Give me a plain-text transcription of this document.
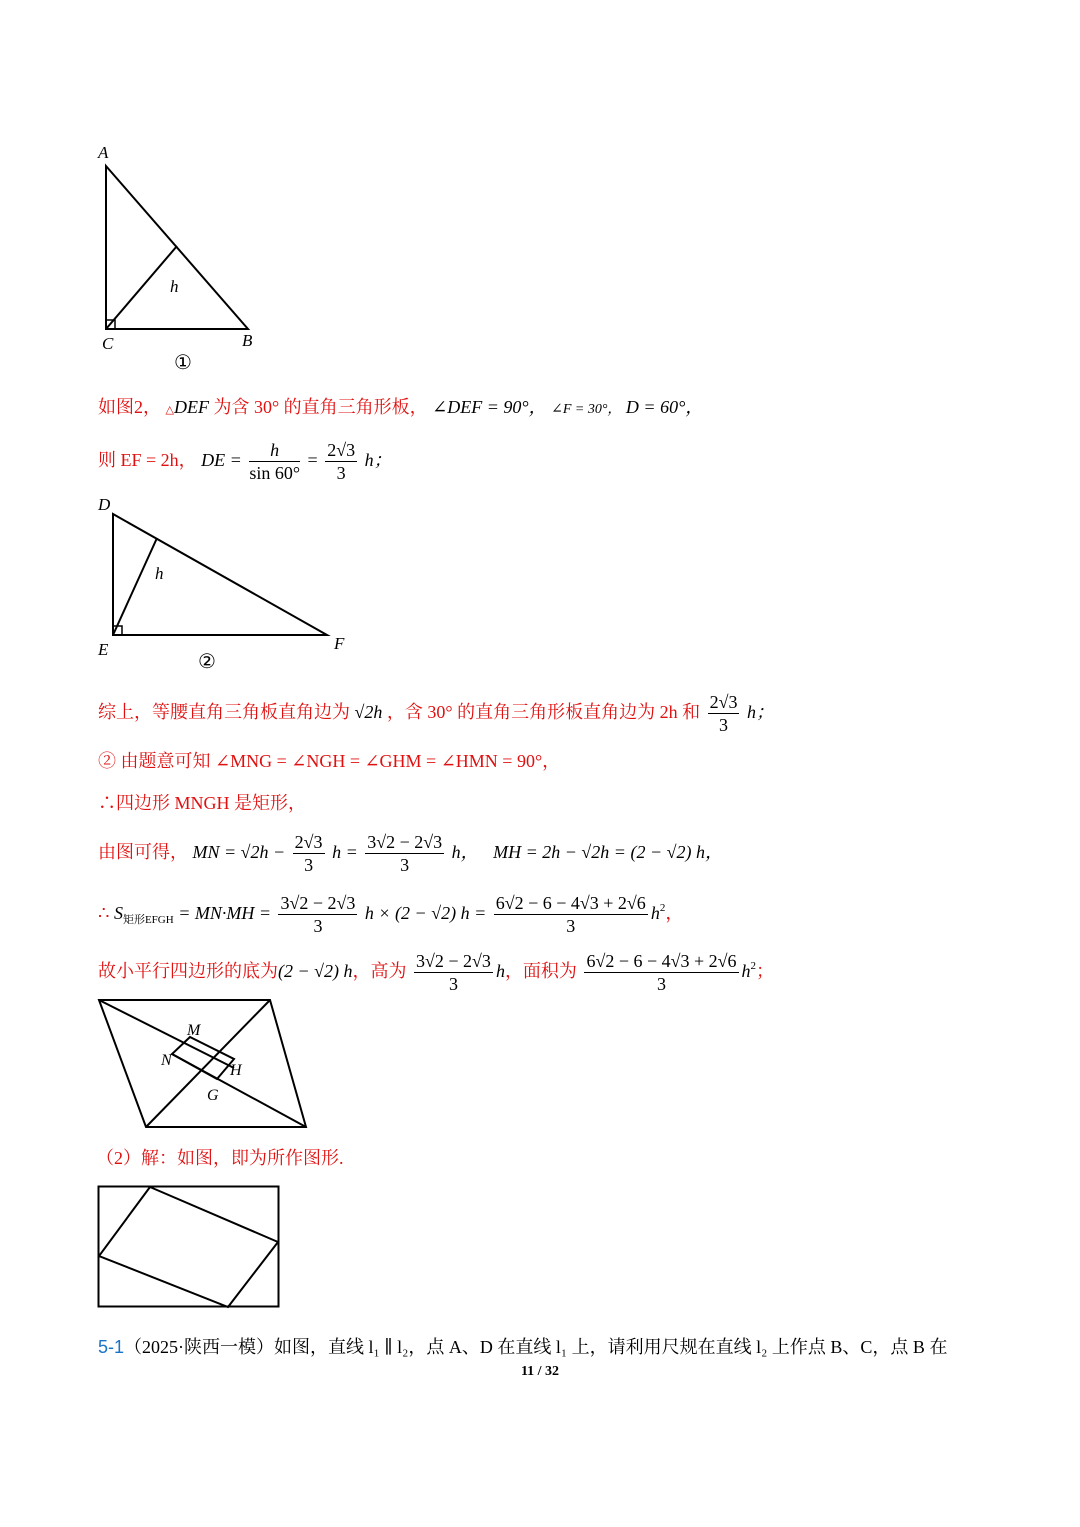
A
h
C	B
①
如图2， △DEF 为含 30° 的直角三角形板， ∠DEF = 90°， ∠F = 30°， D = 60°，
则 EF = 2h， DE = $\frac{h}{\sin 60^\circ} = \frac{2√3}{3}$ h；
D
h
E	F
②
综上，等腰直角三角板直角边为 √2h ，含 30° 的直角三角形板直角边为 2h 和 $\frac{2√3}{3}$ h；
② 由题意可知 ∠MNG = ∠NGH = ∠GHM = ∠HMN = 90°，
∴四边形 MNGH 是矩形，
由图可得， MN = $√2h - \frac{2√3}{3}$ $h = \frac{3√2 - 2√3}{3}$ h， MH = 2h − √2h = (2 − √2) h，
∴ $S_{矩形EFGH} = MN\cdot MH = \frac{3√2 - 2√3}{3}$ h × (2 − √2) $h = \frac{6√2 - 6 - 4√3 + 2√6}{3} h^2$，
故小平行四边形的底为(2 − √2) h，高为 $\frac{3√2 - 2√3}{3}$ h，面积为 $\frac{6√2 - 6 - 4√3 + 2√6}{3} h^2$；
M
N
H
G
（2）解：如图，即为所作图形.
5-1（2025·陕西一模）如图，直线 l₁ ∥ l₂，点 A、D 在直线 l₁ 上，请利用尺规在直线 l₂ 上作点 B、C，点 B 在
11 / 32
